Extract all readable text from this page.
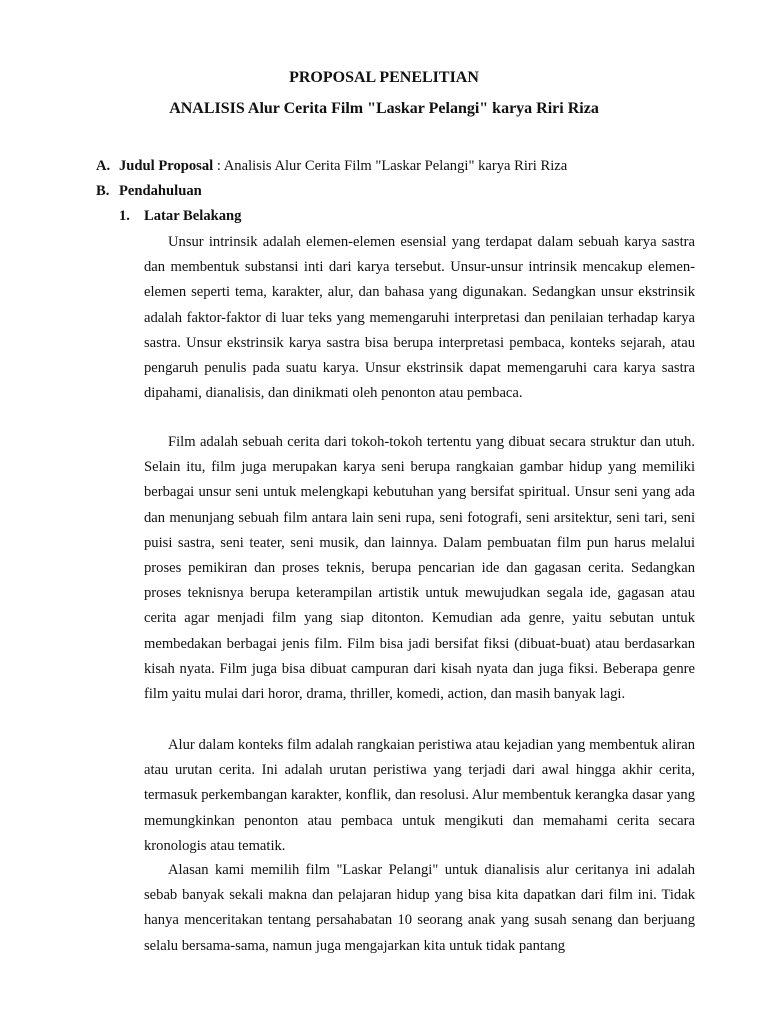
PROPOSAL PENELITIAN
ANALISIS Alur Cerita Film "Laskar Pelangi" karya Riri Riza

A. Judul Proposal : Analisis Alur Cerita Film "Laskar Pelangi" karya Riri Riza

B. Pendahuluan

1. Latar Belakang

Unsur intrinsik adalah elemen-elemen esensial yang terdapat dalam sebuah karya sastra dan membentuk substansi inti dari karya tersebut. Unsur-unsur intrinsik mencakup elemen-elemen seperti tema, karakter, alur, dan bahasa yang digunakan. Sedangkan unsur ekstrinsik adalah faktor-faktor di luar teks yang memengaruhi interpretasi dan penilaian terhadap karya sastra. Unsur ekstrinsik karya sastra bisa berupa interpretasi pembaca, konteks sejarah, atau pengaruh penulis pada suatu karya. Unsur ekstrinsik dapat memengaruhi cara karya sastra dipahami, dianalisis, dan dinikmati oleh penonton atau pembaca.

Film adalah sebuah cerita dari tokoh-tokoh tertentu yang dibuat secara struktur dan utuh. Selain itu, film juga merupakan karya seni berupa rangkaian gambar hidup yang memiliki berbagai unsur seni untuk melengkapi kebutuhan yang bersifat spiritual. Unsur seni yang ada dan menunjang sebuah film antara lain seni rupa, seni fotografi, seni arsitektur, seni tari, seni puisi sastra, seni teater, seni musik, dan lainnya. Dalam pembuatan film pun harus melalui proses pemikiran dan proses teknis, berupa pencarian ide dan gagasan cerita. Sedangkan proses teknisnya berupa keterampilan artistik untuk mewujudkan segala ide, gagasan atau cerita agar menjadi film yang siap ditonton. Kemudian ada genre, yaitu sebutan untuk membedakan berbagai jenis film. Film bisa jadi bersifat fiksi (dibuat-buat) atau berdasarkan kisah nyata. Film juga bisa dibuat campuran dari kisah nyata dan juga fiksi. Beberapa genre film yaitu mulai dari horor, drama, thriller, komedi, action, dan masih banyak lagi.

Alur dalam konteks film adalah rangkaian peristiwa atau kejadian yang membentuk aliran atau urutan cerita. Ini adalah urutan peristiwa yang terjadi dari awal hingga akhir cerita, termasuk perkembangan karakter, konflik, dan resolusi. Alur membentuk kerangka dasar yang memungkinkan penonton atau pembaca untuk mengikuti dan memahami cerita secara kronologis atau tematik.

Alasan kami memilih film "Laskar Pelangi" untuk dianalisis alur ceritanya ini adalah sebab banyak sekali makna dan pelajaran hidup yang bisa kita dapatkan dari film ini. Tidak hanya menceritakan tentang persahabatan 10 seorang anak yang susah senang dan berjuang selalu bersama-sama, namun juga mengajarkan kita untuk tidak pantang
